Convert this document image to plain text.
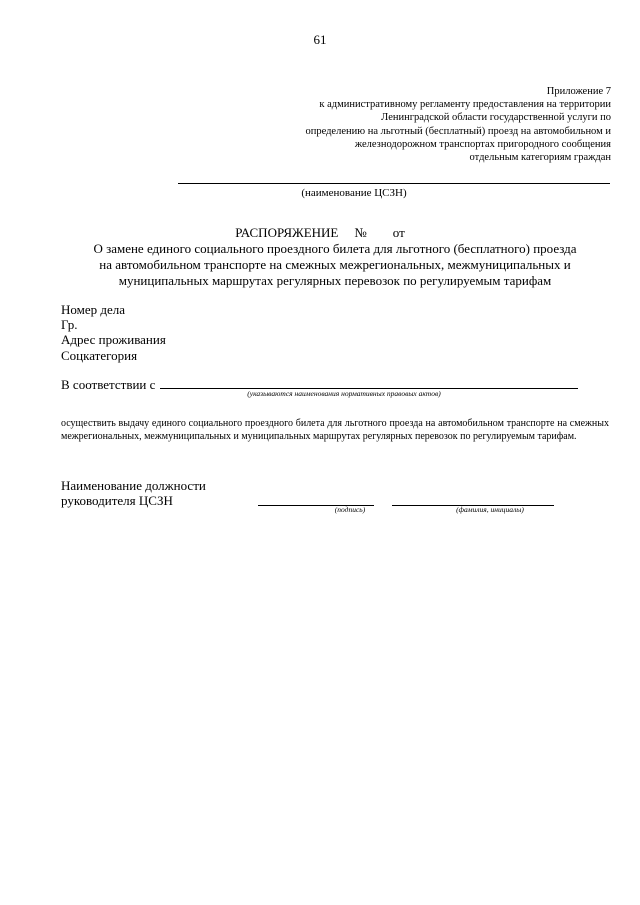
61
Приложение 7
к административному регламенту предоставления на территории
Ленинградской области государственной услуги по
определению на льготный (бесплатный) проезд на автомобильном и
железнодорожном транспортах пригородного сообщения
отдельным категориям граждан
(наименование ЦСЗН)
РАСПОРЯЖЕНИЕ № от
О замене единого социального проездного билета для льготного (бесплатного) проезда
на автомобильном транспорте на смежных межрегиональных, межмуниципальных и
муниципальных маршрутах регулярных перевозок по регулируемым тарифам
Номер дела
Гр.
Адрес проживания
Соцкатегория
В соответствии с
(указываются наименования нормативных правовых актов)
осуществить выдачу единого социального проездного билета для льготного проезда на автомобильном транспорте на смежных межрегиональных, межмуниципальных и муниципальных маршрутах регулярных перевозок по регулируемым тарифам.
Наименование должности
руководителя ЦСЗН
(подпись)	(фамилия, инициалы)
